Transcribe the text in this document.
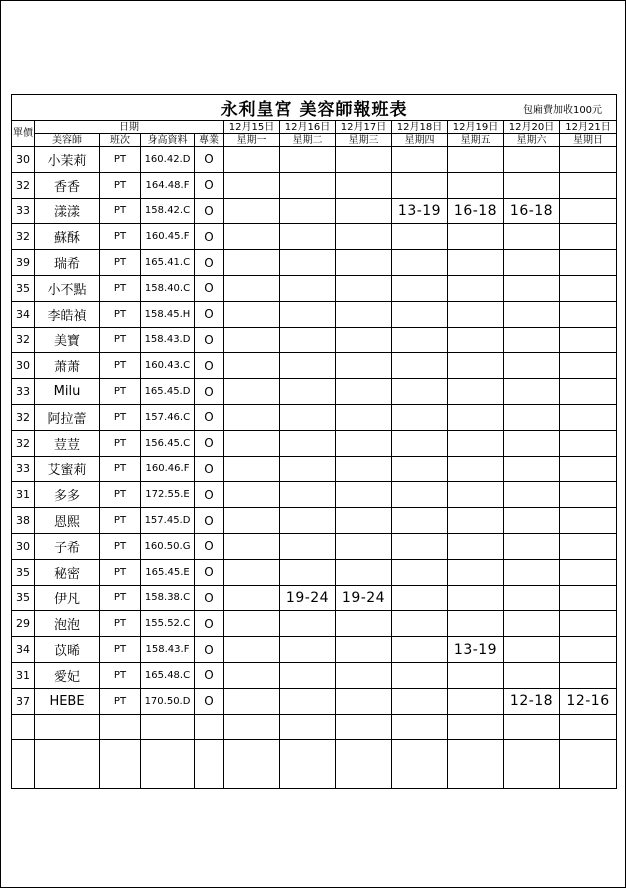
永利皇宮 美容師報班表 包廂費加收100元											

單價	日期				12月15日	12月16日	12月17日	12月18日	12月19日	12月20日	12月21日
	美容師	班次	身高資料	專業	星期一	星期二	星期三	星期四	星期五	星期六	星期日
30	小茉莉	PT	160.42.D	O							
32	香香	PT	164.48.F	O							
33	漾漾	PT	158.42.C	O				13-19	16-18	16-18	
32	蘇酥	PT	160.45.F	O							
39	瑞希	PT	165.41.C	O							
35	小不點	PT	158.40.C	O							
34	李皓禎	PT	158.45.H	O							
32	美寶	PT	158.43.D	O							
30	萧萧	PT	160.43.C	O							
33	Milu	PT	165.45.D	O							
32	阿拉蕾	PT	157.46.C	O							
32	荳荳	PT	156.45.C	O							
33	艾蜜莉	PT	160.46.F	O							
31	多多	PT	172.55.E	O							
38	恩熙	PT	157.45.D	O							
30	子希	PT	160.50.G	O							
35	秘密	PT	165.45.E	O							
35	伊凡	PT	158.38.C	O		19-24	19-24				
29	泡泡	PT	155.52.C	O							
34	苡晞	PT	158.43.F	O					13-19		
31	愛妃	PT	165.48.C	O							
37	HEBE	PT	170.50.D	O						12-18	12-16
